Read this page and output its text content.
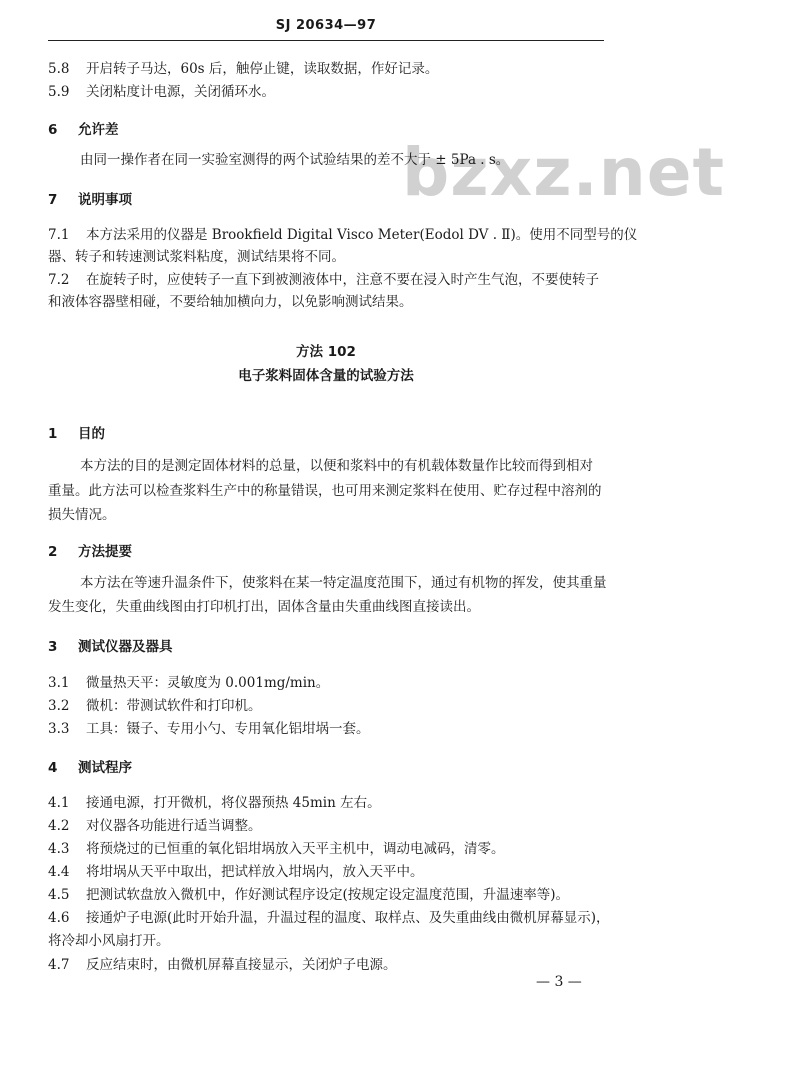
SJ 20634—97
bzxz.net
5.8 开启转子马达，60s 后，触停止键，读取数据，作好记录。
5.9 关闭粘度计电源，关闭循环水。
6 允许差
由同一操作者在同一实验室测得的两个试验结果的差不大于 ± 5Pa . s。
7 说明事项
7.1 本方法采用的仪器是 Brookfield Digital Visco Meter(Eodol DV . Ⅱ)。使用不同型号的仪
器、转子和转速测试浆料粘度，测试结果将不同。
7.2 在旋转子时，应使转子一直下到被测液体中，注意不要在浸入时产生气泡，不要使转子
和液体容器壁相碰，不要给轴加横向力，以免影响测试结果。
方法 102
电子浆料固体含量的试验方法
1 目的
本方法的目的是测定固体材料的总量，以便和浆料中的有机载体数量作比较而得到相对
重量。此方法可以检查浆料生产中的称量错误，也可用来测定浆料在使用、贮存过程中溶剂的
损失情况。
2 方法提要
本方法在等速升温条件下，使浆料在某一特定温度范围下，通过有机物的挥发，使其重量
发生变化，失重曲线图由打印机打出，固体含量由失重曲线图直接读出。
3 测试仪器及器具
3.1 微量热天平：灵敏度为 0.001mg/min。
3.2 微机：带测试软件和打印机。
3.3 工具：镊子、专用小勺、专用氧化铝坩埚一套。
4 测试程序
4.1 接通电源，打开微机，将仪器预热 45min 左右。
4.2 对仪器各功能进行适当调整。
4.3 将预烧过的已恒重的氧化铝坩埚放入天平主机中，调动电减码，清零。
4.4 将坩埚从天平中取出，把试样放入坩埚内，放入天平中。
4.5 把测试软盘放入微机中，作好测试程序设定(按规定设定温度范围，升温速率等)。
4.6 接通炉子电源(此时开始升温，升温过程的温度、取样点、及失重曲线由微机屏幕显示)，
将冷却小风扇打开。
4.7 反应结束时，由微机屏幕直接显示，关闭炉子电源。
— 3 —
